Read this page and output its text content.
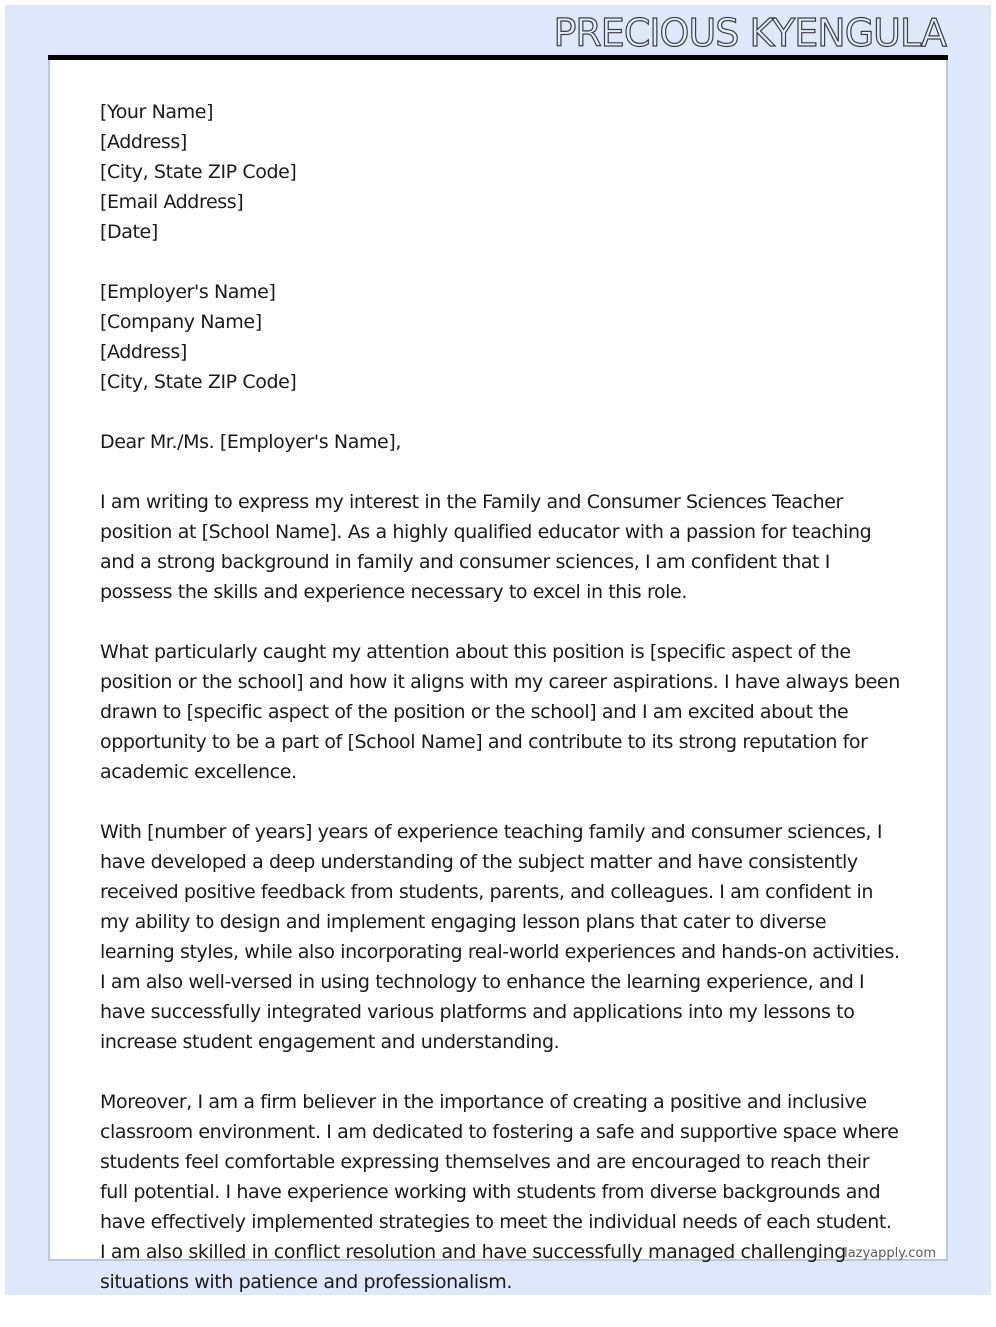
PRECIOUS KYENGULA

[Your Name]
[Address]
[City, State ZIP Code]
[Email Address]
[Date]

[Employer's Name]
[Company Name]
[Address]
[City, State ZIP Code]

Dear Mr./Ms. [Employer's Name],

I am writing to express my interest in the Family and Consumer Sciences Teacher position at [School Name]. As a highly qualified educator with a passion for teaching and a strong background in family and consumer sciences, I am confident that I possess the skills and experience necessary to excel in this role.

What particularly caught my attention about this position is [specific aspect of the position or the school] and how it aligns with my career aspirations. I have always been drawn to [specific aspect of the position or the school] and I am excited about the opportunity to be a part of [School Name] and contribute to its strong reputation for academic excellence.

With [number of years] years of experience teaching family and consumer sciences, I have developed a deep understanding of the subject matter and have consistently received positive feedback from students, parents, and colleagues. I am confident in my ability to design and implement engaging lesson plans that cater to diverse learning styles, while also incorporating real-world experiences and hands-on activities. I am also well-versed in using technology to enhance the learning experience, and I have successfully integrated various platforms and applications into my lessons to increase student engagement and understanding.

Moreover, I am a firm believer in the importance of creating a positive and inclusive classroom environment. I am dedicated to fostering a safe and supportive space where students feel comfortable expressing themselves and are encouraged to reach their full potential. I have experience working with students from diverse backgrounds and have effectively implemented strategies to meet the individual needs of each student. I am also skilled in conflict resolution and have successfully managed challenging situations with patience and professionalism.

lazyapply.com
